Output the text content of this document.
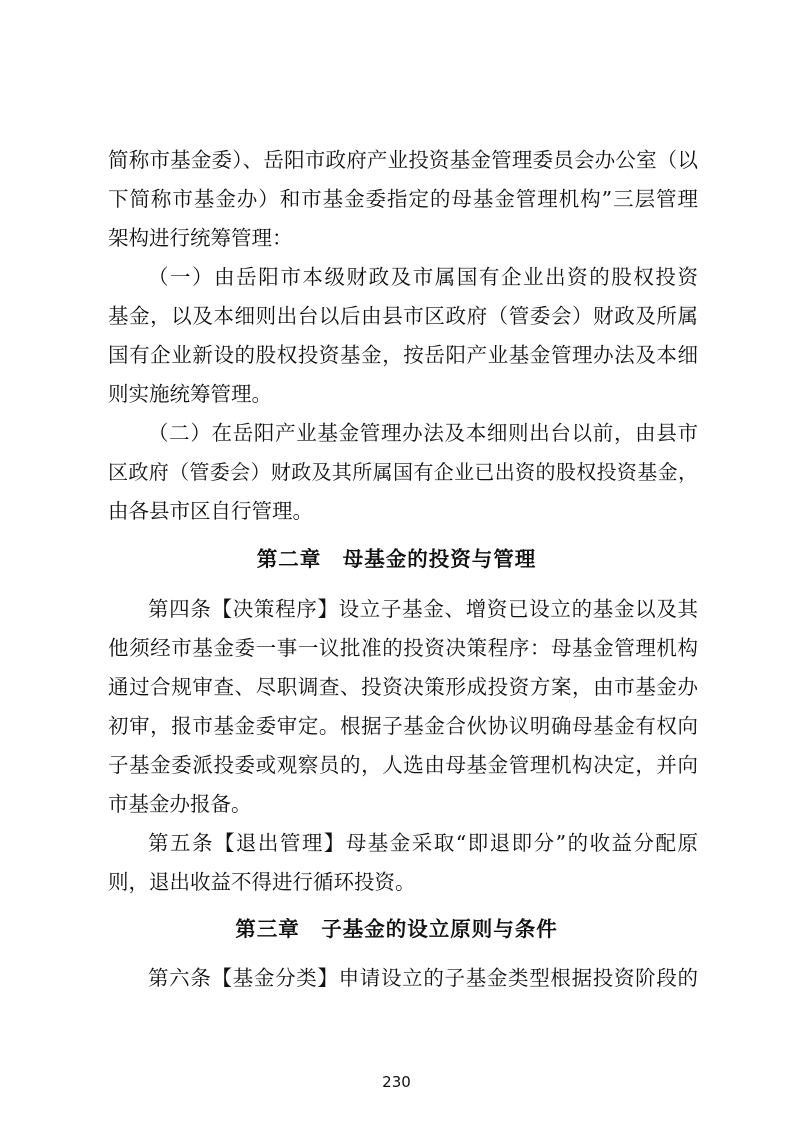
简称市基金委）、岳阳市政府产业投资基金管理委员会办公室（以
下简称市基金办）和市基金委指定的母基金管理机构”三层管理
架构进行统筹管理：
（一）由岳阳市本级财政及市属国有企业出资的股权投资
基金，以及本细则出台以后由县市区政府（管委会）财政及所属
国有企业新设的股权投资基金，按岳阳产业基金管理办法及本细
则实施统筹管理。
（二）在岳阳产业基金管理办法及本细则出台以前，由县市
区政府（管委会）财政及其所属国有企业已出资的股权投资基金，
由各县市区自行管理。
第二章　母基金的投资与管理
第四条【决策程序】设立子基金、增资已设立的基金以及其
他须经市基金委一事一议批准的投资决策程序：母基金管理机构
通过合规审查、尽职调查、投资决策形成投资方案，由市基金办
初审，报市基金委审定。根据子基金合伙协议明确母基金有权向
子基金委派投委或观察员的，人选由母基金管理机构决定，并向
市基金办报备。
第五条【退出管理】母基金采取“即退即分”的收益分配原
则，退出收益不得进行循环投资。
第三章　子基金的设立原则与条件
第六条【基金分类】申请设立的子基金类型根据投资阶段的
230
